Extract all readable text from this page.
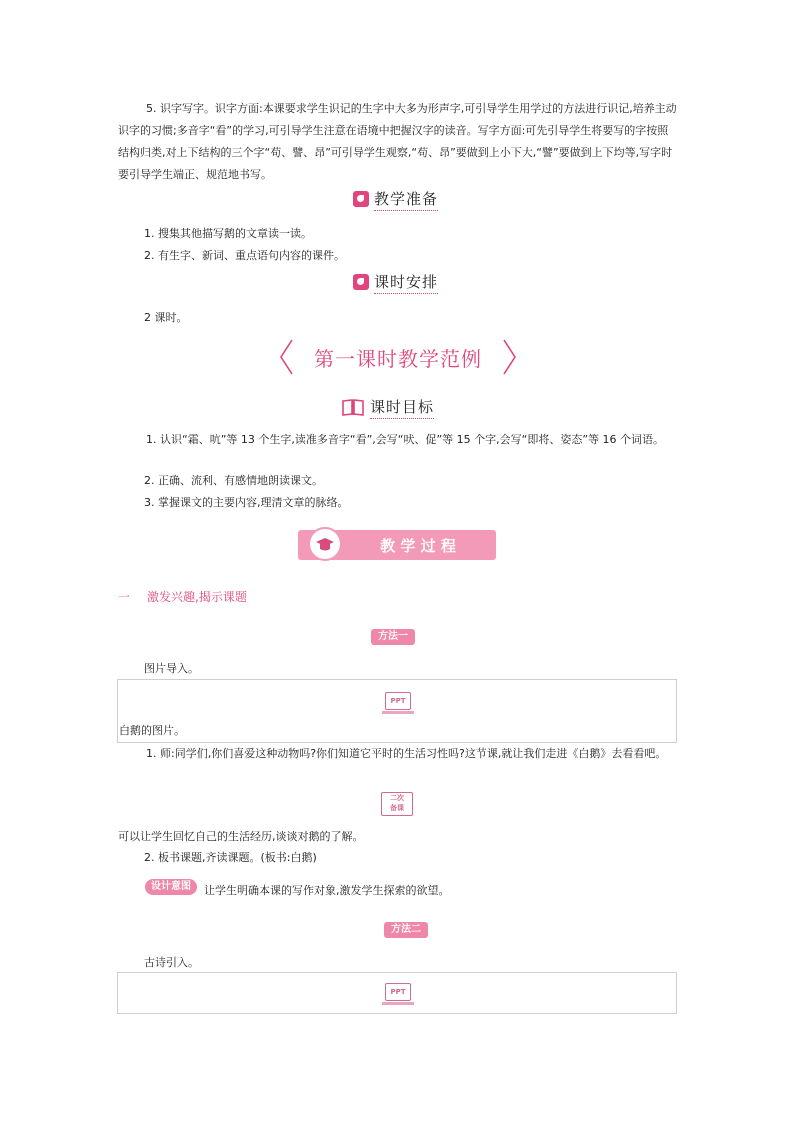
5. 识字写字。识字方面:本课要求学生识记的生字中大多为形声字,可引导学生用学过的方法进行识记,培养主动识字的习惯;多音字“看”的学习,可引导学生注意在语境中把握汉字的读音。写字方面:可先引导学生将要写的字按照结构归类,对上下结构的三个字“苟、譬、昂”可引导学生观察,“苟、昂”要做到上小下大,“譬”要做到上下均等,写字时要引导学生端正、规范地书写。

教学准备
1. 搜集其他描写鹅的文章读一读。
2. 有生字、新词、重点语句内容的课件。
课时安排
2 课时。
第一课时教学范例
课时目标

1. 认识“霜、吭”等 13 个生字,读准多音字“看”,会写“吠、促”等 15 个字,会写“即将、姿态”等 16 个词语。

2. 正确、流利、有感情地朗读课文。
3. 掌握课文的主要内容,理清文章的脉络。
教 学 过 程
一 激发兴趣,揭示课题
方法一
图片导入。
PPT
白鹅的图片。

1. 师:同学们,你们喜爱这种动物吗?你们知道它平时的生活习性吗?这节课,就让我们走进《白鹅》去看看吧。

二次
备课
可以让学生回忆自己的生活经历,谈谈对鹅的了解。
2. 板书课题,齐读课题。(板书:白鹅)
设计意图	让学生明确本课的写作对象,激发学生探索的欲望。
方法二
古诗引入。
PPT
